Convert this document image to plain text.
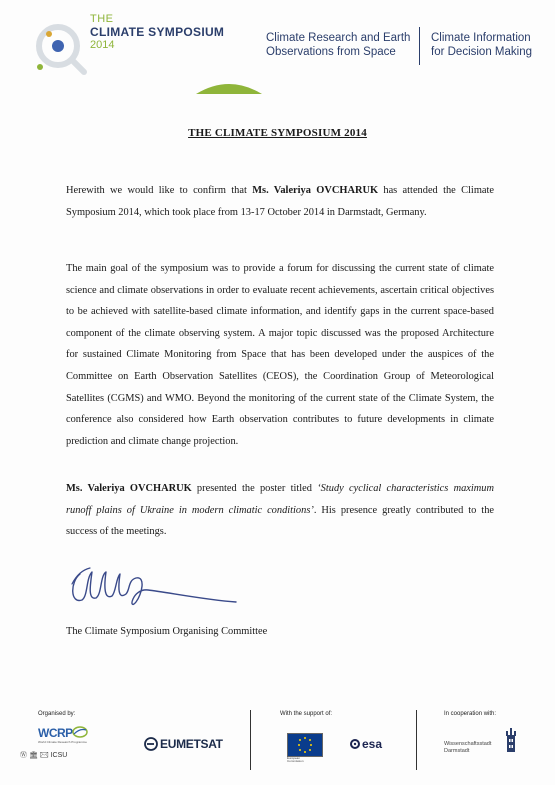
THE
CLIMATE SYMPOSIUM
2014
Climate Research and Earth
Observations from Space
Climate Information
for Decision Making
THE CLIMATE SYMPOSIUM 2014
Herewith we would like to confirm that Ms. Valeriya OVCHARUK has attended the Climate Symposium 2014, which took place from 13-17 October 2014 in Darmstadt, Germany.
The main goal of the symposium was to provide a forum for discussing the current state of climate science and climate observations in order to evaluate recent achievements, ascertain critical objectives to be achieved with satellite-based climate information, and identify gaps in the current space-based component of the climate observing system. A major topic discussed was the proposed Architecture for sustained Climate Monitoring from Space that has been developed under the auspices of the Committee on Earth Observation Satellites (CEOS), the Coordination Group of Meteorological Satellites (CGMS) and WMO. Beyond the monitoring of the current state of the Climate System, the conference also considered how Earth observation contributes to future developments in climate prediction and climate change projection.
Ms. Valeriya OVCHARUK presented the poster titled ‘Study cyclical characteristics maximum runoff plains of Ukraine in modern climatic conditions’. His presence greatly contributed to the success of the meetings.
The Climate Symposium Organising Committee
Organised by:	With the support of:	In cooperation with:
WCRP
World Climate Research Programme
Ⓦ 🏛 ✉ ICSU
EUMETSAT
European
Commission
esa	Wissenschaftsstadt
Darmstadt
